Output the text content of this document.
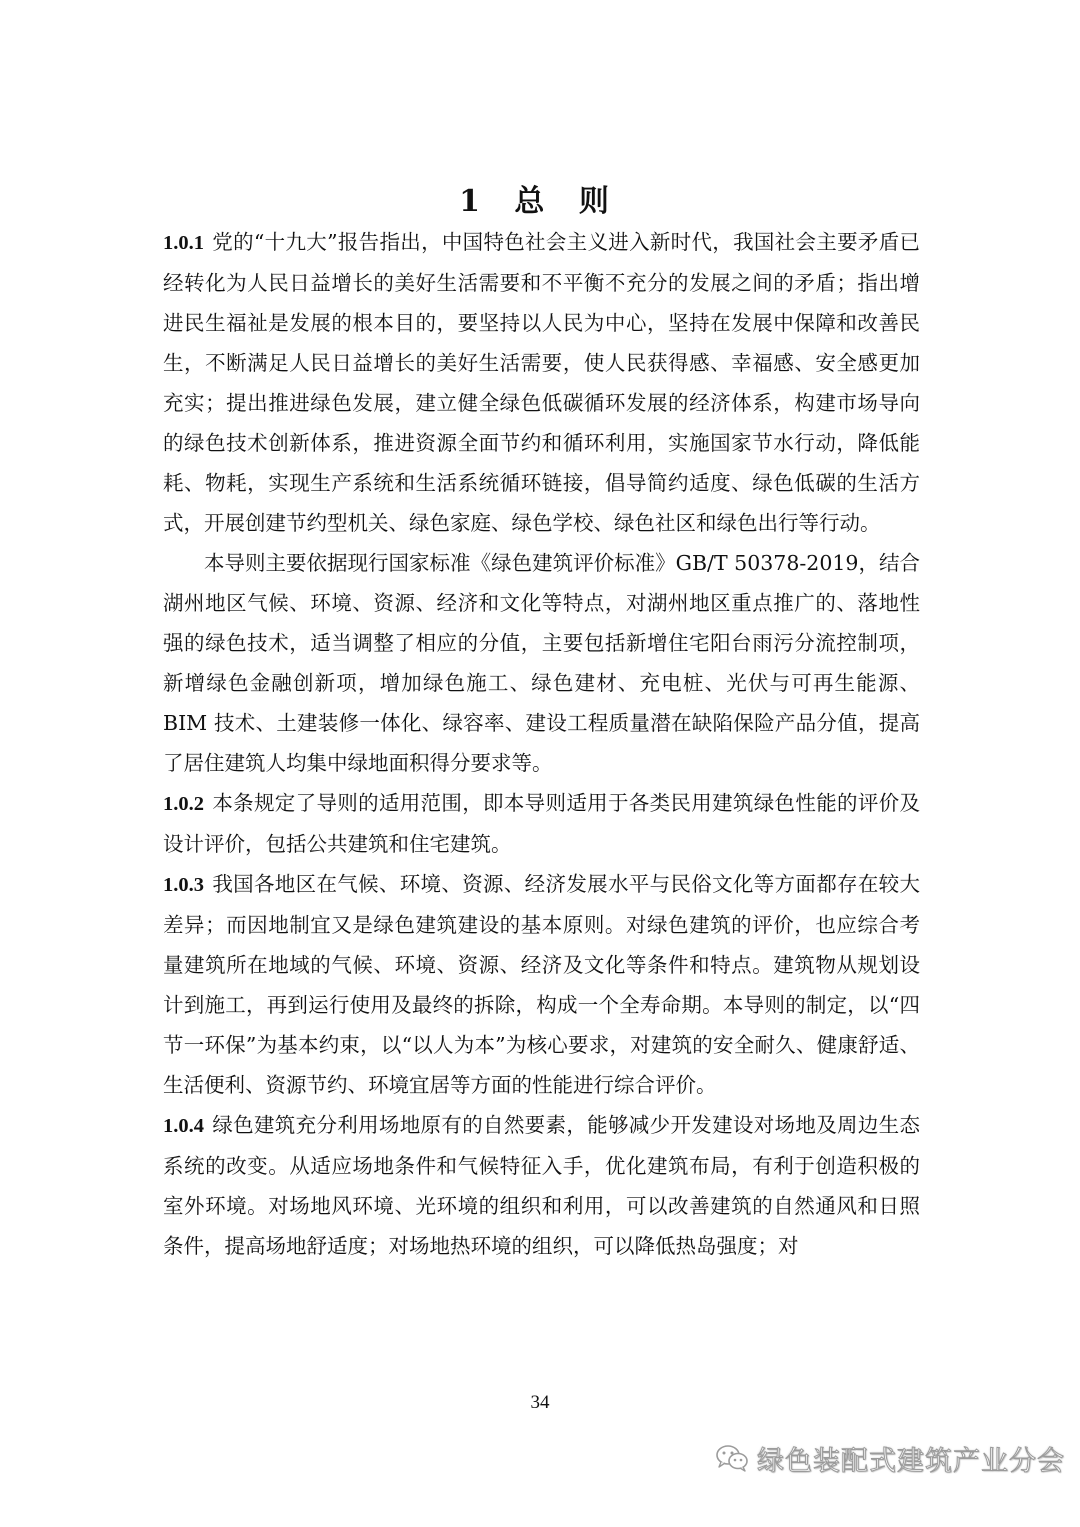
1 总 则

1.0.1 党的“十九大”报告指出，中国特色社会主义进入新时代，我国社会主要矛盾已经转化为人民日益增长的美好生活需要和不平衡不充分的发展之间的矛盾；指出增进民生福祉是发展的根本目的，要坚持以人民为中心，坚持在发展中保障和改善民生，不断满足人民日益增长的美好生活需要，使人民获得感、幸福感、安全感更加充实；提出推进绿色发展，建立健全绿色低碳循环发展的经济体系，构建市场导向的绿色技术创新体系，推进资源全面节约和循环利用，实施国家节水行动，降低能耗、物耗，实现生产系统和生活系统循环链接，倡导简约适度、绿色低碳的生活方式，开展创建节约型机关、绿色家庭、绿色学校、绿色社区和绿色出行等行动。

本导则主要依据现行国家标准《绿色建筑评价标准》GB/T 50378-2019，结合湖州地区气候、环境、资源、经济和文化等特点，对湖州地区重点推广的、落地性强的绿色技术，适当调整了相应的分值，主要包括新增住宅阳台雨污分流控制项，新增绿色金融创新项，增加绿色施工、绿色建材、充电桩、光伏与可再生能源、BIM 技术、土建装修一体化、绿容率、建设工程质量潜在缺陷保险产品分值，提高了居住建筑人均集中绿地面积得分要求等。

1.0.2 本条规定了导则的适用范围，即本导则适用于各类民用建筑绿色性能的评价及设计评价，包括公共建筑和住宅建筑。

1.0.3 我国各地区在气候、环境、资源、经济发展水平与民俗文化等方面都存在较大差异；而因地制宜又是绿色建筑建设的基本原则。对绿色建筑的评价，也应综合考量建筑所在地域的气候、环境、资源、经济及文化等条件和特点。建筑物从规划设计到施工，再到运行使用及最终的拆除，构成一个全寿命期。本导则的制定，以“四节一环保”为基本约束，以“以人为本”为核心要求，对建筑的安全耐久、健康舒适、生活便利、资源节约、环境宜居等方面的性能进行综合评价。

1.0.4 绿色建筑充分利用场地原有的自然要素，能够减少开发建设对场地及周边生态系统的改变。从适应场地条件和气候特征入手，优化建筑布局，有利于创造积极的室外环境。对场地风环境、光环境的组织和利用，可以改善建筑的自然通风和日照条件，提高场地舒适度；对场地热环境的组织，可以降低热岛强度；对

34
绿色装配式建筑产业分会
